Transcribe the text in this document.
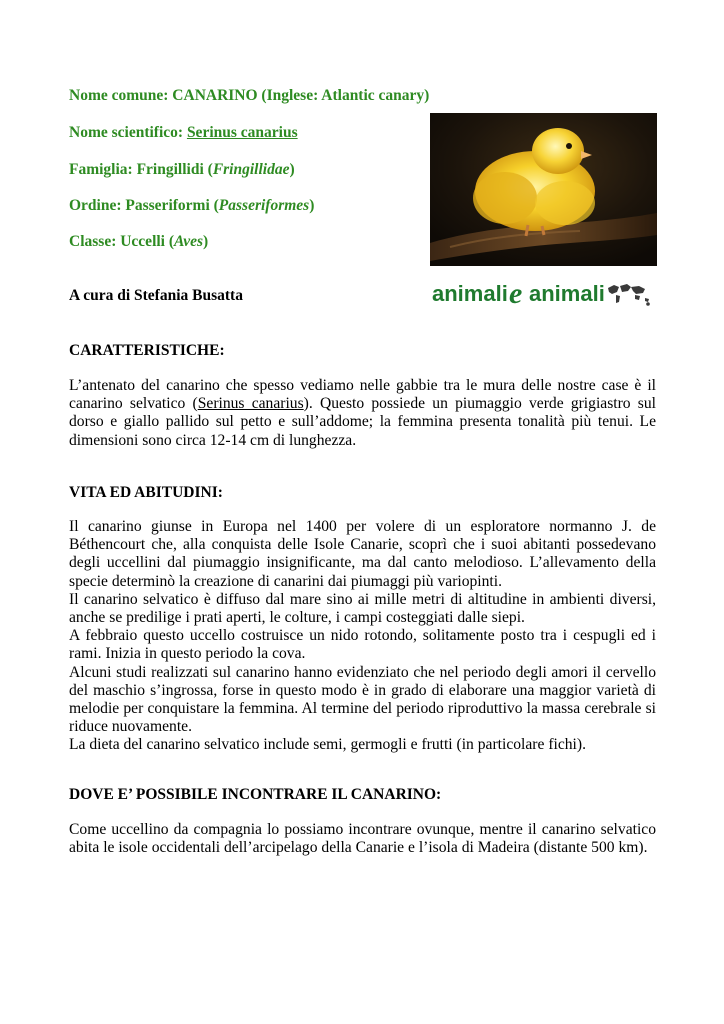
Nome comune: CANARINO (Inglese: Atlantic canary)
Nome scientifico: Serinus canarius
Famiglia: Fringillidi (Fringillidae)
Ordine: Passeriformi (Passeriformes)
Classe: Uccelli (Aves)
A cura di Stefania Busatta	animali e animali
CARATTERISTICHE:

L’antenato del canarino che spesso vediamo nelle gabbie tra le mura delle nostre case è il canarino selvatico (Serinus canarius). Questo possiede un piumaggio verde grigiastro sul dorso e giallo pallido sul petto e sull’addome; la femmina presenta tonalità più tenui. Le dimensioni sono circa 12-14 cm di lunghezza.

VITA ED ABITUDINI:

Il canarino giunse in Europa nel 1400 per volere di un esploratore normanno J. de Béthencourt che, alla conquista delle Isole Canarie, scoprì che i suoi abitanti possedevano degli uccellini dal piumaggio insignificante, ma dal canto melodioso. L’allevamento della specie determinò la creazione di canarini dai piumaggi più variopinti.

Il canarino selvatico è diffuso dal mare sino ai mille metri di altitudine in ambienti diversi, anche se predilige i prati aperti, le colture, i campi costeggiati dalle siepi.

A febbraio questo uccello costruisce un nido rotondo, solitamente posto tra i cespugli ed i rami. Inizia in questo periodo la cova.

Alcuni studi realizzati sul canarino hanno evidenziato che nel periodo degli amori il cervello del maschio s’ingrossa, forse in questo modo è in grado di elaborare una maggior varietà di melodie per conquistare la femmina. Al termine del periodo riproduttivo la massa cerebrale si riduce nuovamente.

La dieta del canarino selvatico include semi, germogli e frutti (in particolare fichi).

DOVE E’ POSSIBILE INCONTRARE IL CANARINO:

Come uccellino da compagnia lo possiamo incontrare ovunque, mentre il canarino selvatico abita le isole occidentali dell’arcipelago della Canarie e l’isola di Madeira (distante 500 km).
